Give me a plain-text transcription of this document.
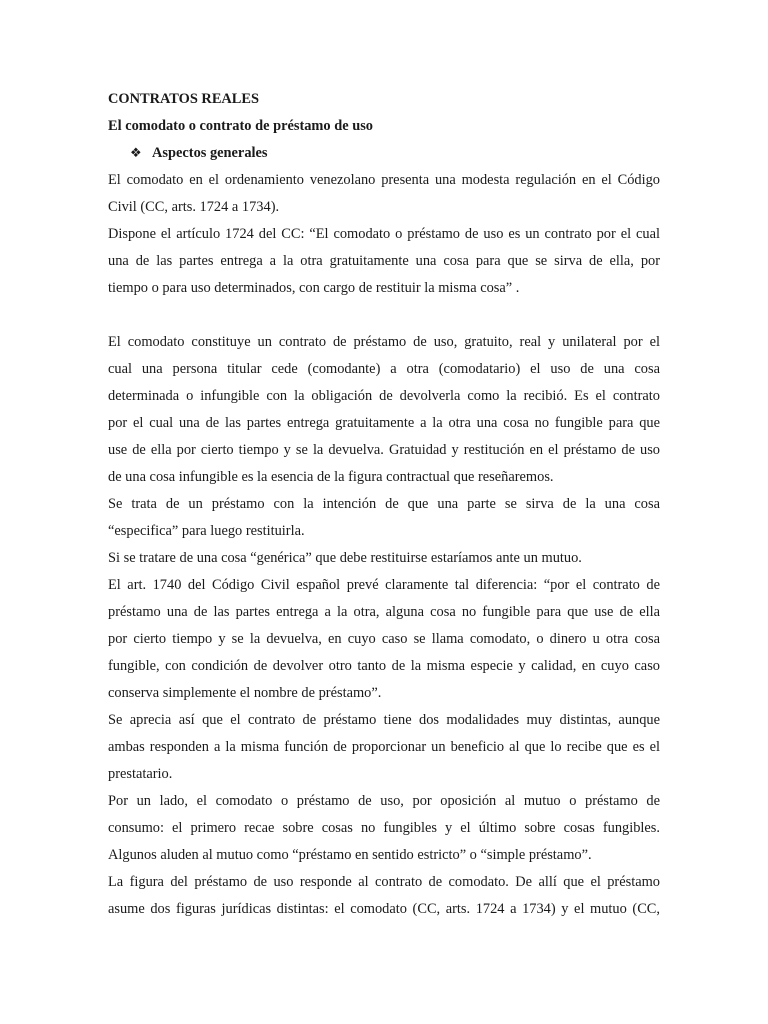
CONTRATOS REALES
El comodato o contrato de préstamo de uso
❖ Aspectos generales
El comodato en el ordenamiento venezolano presenta una modesta regulación en el Código
Civil (CC, arts. 1724 a 1734).
Dispone el artículo 1724 del CC: “El comodato o préstamo de uso es un contrato por el cual
una de las partes entrega a la otra gratuitamente una cosa para que se sirva de ella, por
tiempo o para uso determinados, con cargo de restituir la misma cosa” .
El comodato constituye un contrato de préstamo de uso, gratuito, real y unilateral por el
cual una persona titular cede (comodante) a otra (comodatario) el uso de una cosa
determinada o infungible con la obligación de devolverla como la recibió. Es el contrato
por el cual una de las partes entrega gratuitamente a la otra una cosa no fungible para que
use de ella por cierto tiempo y se la devuelva. Gratuidad y restitución en el préstamo de uso
de una cosa infungible es la esencia de la figura contractual que reseñaremos.
Se trata de un préstamo con la intención de que una parte se sirva de la una cosa
“especifica” para luego restituirla.
Si se tratare de una cosa “genérica” que debe restituirse estaríamos ante un mutuo.
El art. 1740 del Código Civil español prevé claramente tal diferencia: “por el contrato de
préstamo una de las partes entrega a la otra, alguna cosa no fungible para que use de ella
por cierto tiempo y se la devuelva, en cuyo caso se llama comodato, o dinero u otra cosa
fungible, con condición de devolver otro tanto de la misma especie y calidad, en cuyo caso
conserva simplemente el nombre de préstamo”.
Se aprecia así que el contrato de préstamo tiene dos modalidades muy distintas, aunque
ambas responden a la misma función de proporcionar un beneficio al que lo recibe que es el
prestatario.
Por un lado, el comodato o préstamo de uso, por oposición al mutuo o préstamo de
consumo: el primero recae sobre cosas no fungibles y el último sobre cosas fungibles.
Algunos aluden al mutuo como “préstamo en sentido estricto” o “simple préstamo”.
La figura del préstamo de uso responde al contrato de comodato. De allí que el préstamo
asume dos figuras jurídicas distintas: el comodato (CC, arts. 1724 a 1734) y el mutuo (CC,
